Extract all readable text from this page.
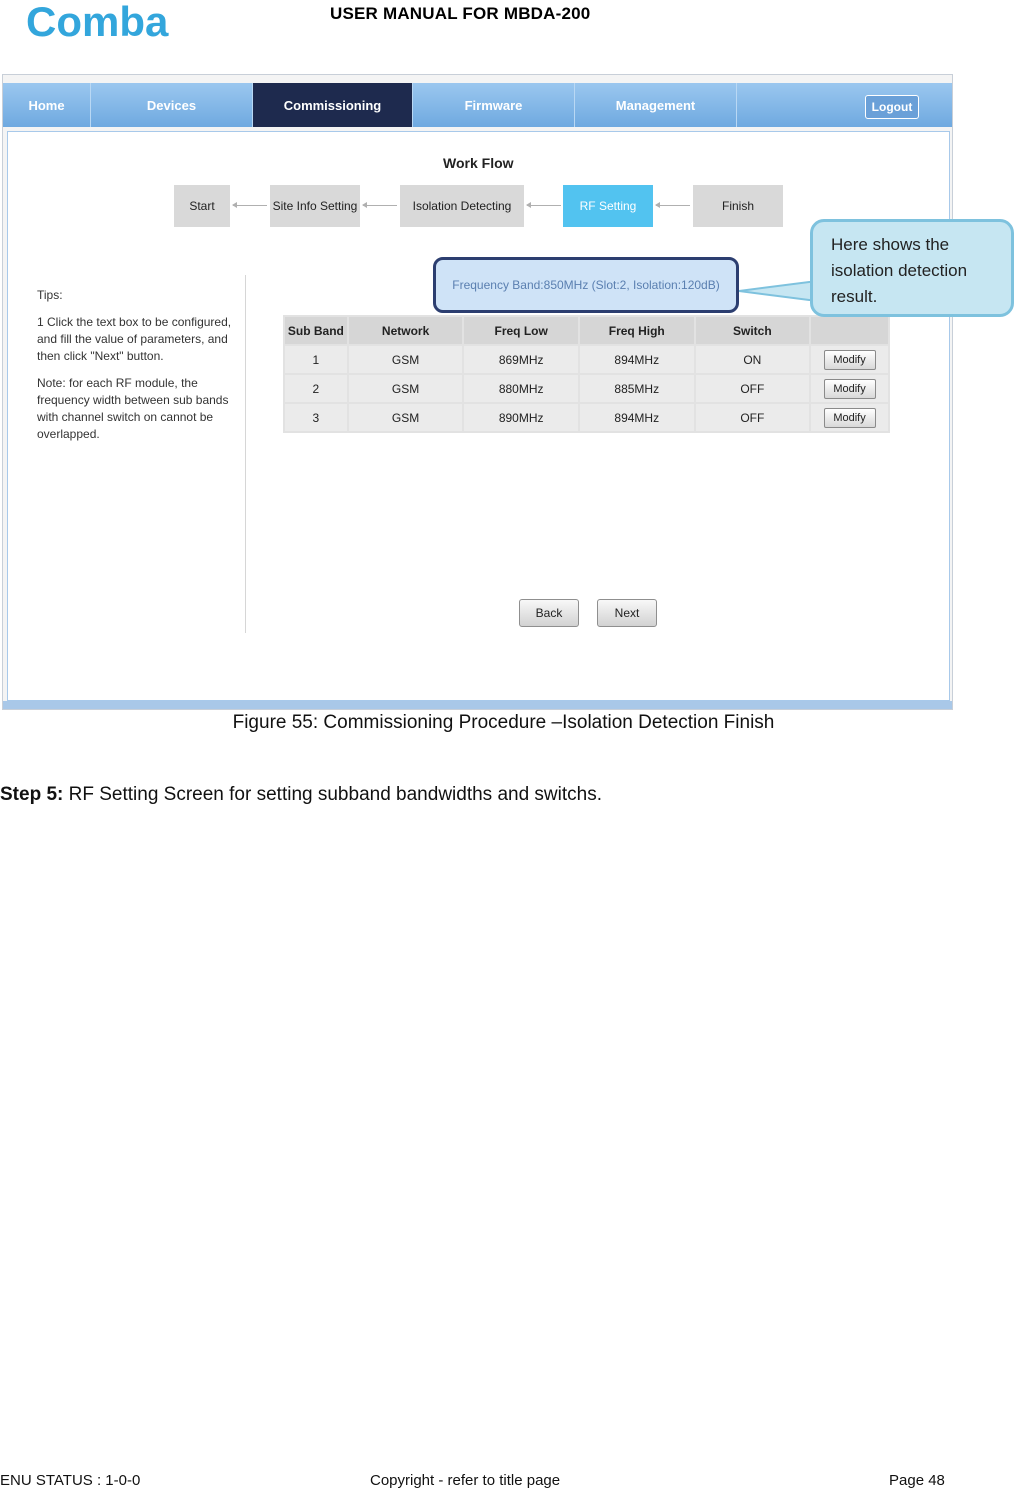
Comba	USER MANUAL FOR MBDA-200
Home	Devices	Commissioning	Firmware	Management	Logout
Work Flow
Start	Site Info Setting	Isolation Detecting	RF Setting	Finish

Tips:

1 Click the text box to be configured, and fill the value of parameters, and then click "Next" button.

Note: for each RF module, the frequency width between sub bands with channel switch on cannot be overlapped.

Frequency Band:850MHz (Slot:2, Isolation:120dB)
Sub Band	Network	Freq Low	Freq High	Switch	
1	GSM	869MHz	894MHz	ON	Modify
2	GSM	880MHz	885MHz	OFF	Modify
3	GSM	890MHz	894MHz	OFF	Modify
Back	Next
Here shows the isolation detection result.
Figure 55: Commissioning Procedure –Isolation Detection Finish
Step 5: RF Setting Screen for setting subband bandwidths and switchs.
ENU STATUS : 1-0-0	Copyright - refer to title page	Page 48
